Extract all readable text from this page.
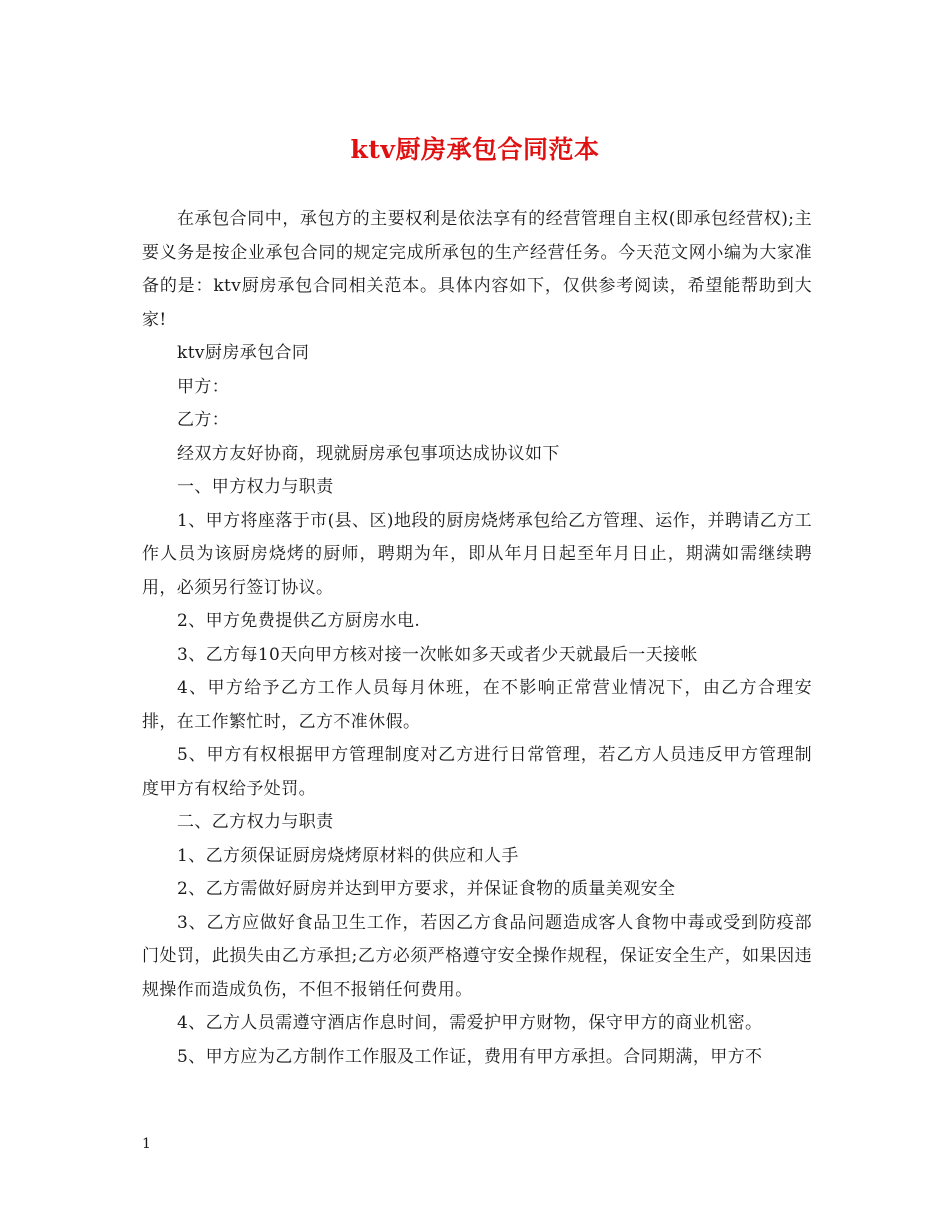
ktv厨房承包合同范本

在承包合同中，承包方的主要权利是依法享有的经营管理自主权(即承包经营权);主要义务是按企业承包合同的规定完成所承包的生产经营任务。今天范文网小编为大家准备的是：ktv厨房承包合同相关范本。具体内容如下，仅供参考阅读，希望能帮助到大家!

ktv厨房承包合同

甲方：

乙方：

经双方友好协商，现就厨房承包事项达成协议如下

一、甲方权力与职责

1、甲方将座落于市(县、区)地段的厨房烧烤承包给乙方管理、运作，并聘请乙方工作人员为该厨房烧烤的厨师，聘期为年，即从年月日起至年月日止，期满如需继续聘用，必须另行签订协议。

2、甲方免费提供乙方厨房水电.

3、乙方每10天向甲方核对接一次帐如多天或者少天就最后一天接帐

4、甲方给予乙方工作人员每月休班，在不影响正常营业情况下，由乙方合理安排，在工作繁忙时，乙方不准休假。

5、甲方有权根据甲方管理制度对乙方进行日常管理，若乙方人员违反甲方管理制度甲方有权给予处罚。

二、乙方权力与职责

1、乙方须保证厨房烧烤原材料的供应和人手

2、乙方需做好厨房并达到甲方要求，并保证食物的质量美观安全

3、乙方应做好食品卫生工作，若因乙方食品问题造成客人食物中毒或受到防疫部门处罚，此损失由乙方承担;乙方必须严格遵守安全操作规程，保证安全生产，如果因违规操作而造成负伤，不但不报销任何费用。

4、乙方人员需遵守酒店作息时间，需爱护甲方财物，保守甲方的商业机密。

5、甲方应为乙方制作工作服及工作证，费用有甲方承担。合同期满，甲方不

1
